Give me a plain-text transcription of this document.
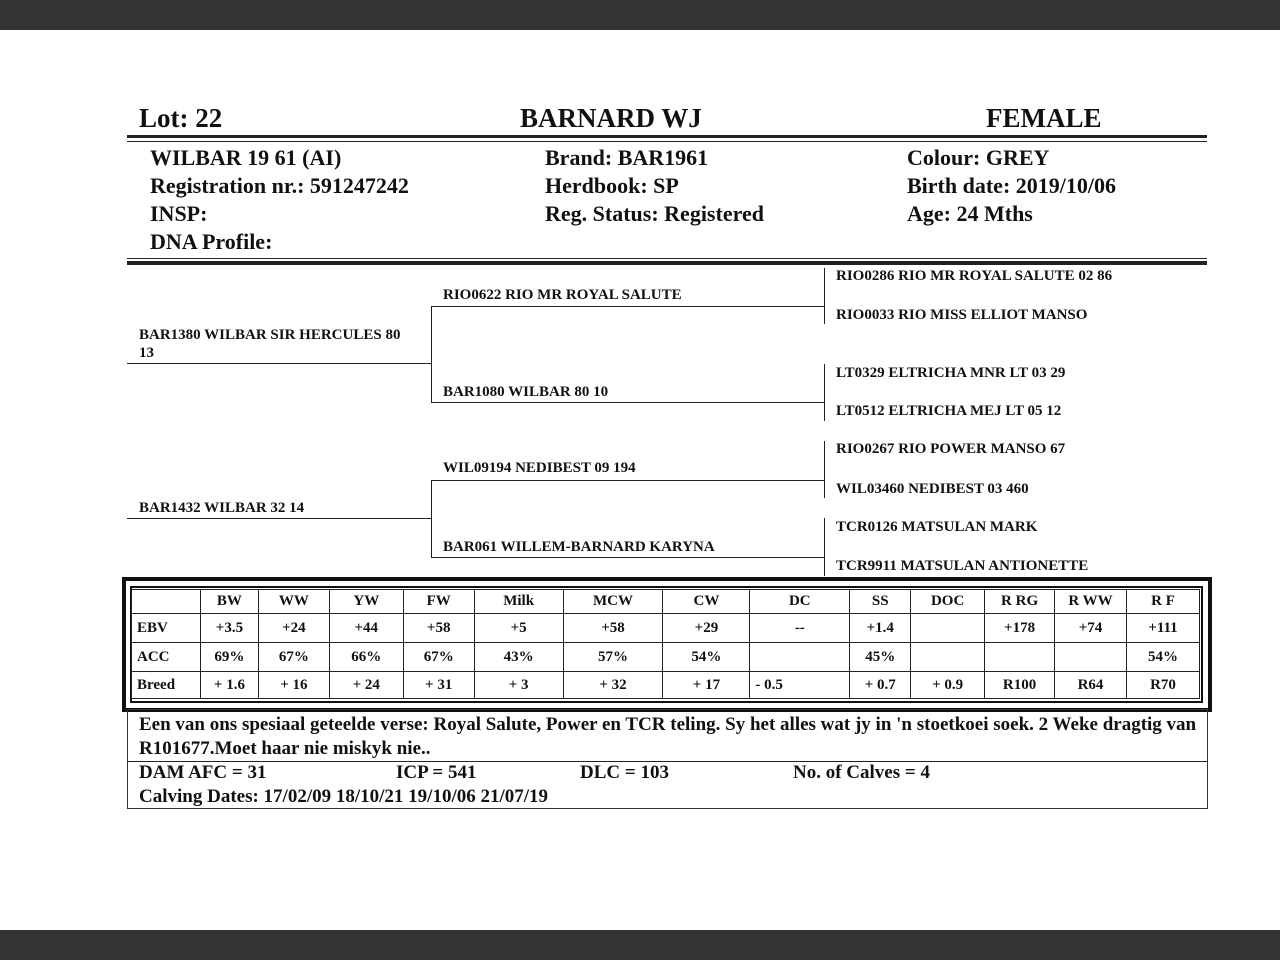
Lot: 22	BARNARD WJ	FEMALE
WILBAR 19 61 (AI)
Registration nr.: 591247242
INSP:
DNA Profile:
Brand: BAR1961
Herdbook: SP
Reg. Status: Registered
Colour: GREY
Birth date: 2019/10/06
Age: 24 Mths
BAR1380 WILBAR SIR HERCULES 80 13
BAR1432 WILBAR 32 14
RIO0622 RIO MR ROYAL SALUTE
BAR1080 WILBAR 80 10
WIL09194 NEDIBEST 09 194
BAR061 WILLEM-BARNARD KARYNA
RIO0286 RIO MR ROYAL SALUTE 02 86
RIO0033 RIO MISS ELLIOT MANSO
LT0329 ELTRICHA MNR LT 03 29
LT0512 ELTRICHA MEJ LT 05 12
RIO0267 RIO POWER MANSO 67
WIL03460 NEDIBEST 03 460
TCR0126 MATSULAN MARK
TCR9911 MATSULAN ANTIONETTE
	BW	WW	YW	FW	Milk	MCW	CW	DC	SS	DOC	R RG	R WW	R F
EBV	+3.5	+24	+44	+58	+5	+58	+29	--	+1.4		+178	+74	+111
ACC	69%	67%	66%	67%	43%	57%	54%		45%				54%
Breed	+ 1.6	+ 16	+ 24	+ 31	+ 3	+ 32	+ 17	- 0.5	+ 0.7	+ 0.9	R100	R64	R70
Een van ons spesiaal geteelde verse: Royal Salute, Power en TCR teling. Sy het alles wat jy in 'n stoetkoei soek. 2 Weke dragtig van R101677.Moet haar nie miskyk nie..
DAM AFC = 31	ICP = 541	DLC = 103	No. of Calves = 4
Calving Dates: 17/02/09 18/10/21 19/10/06 21/07/19
